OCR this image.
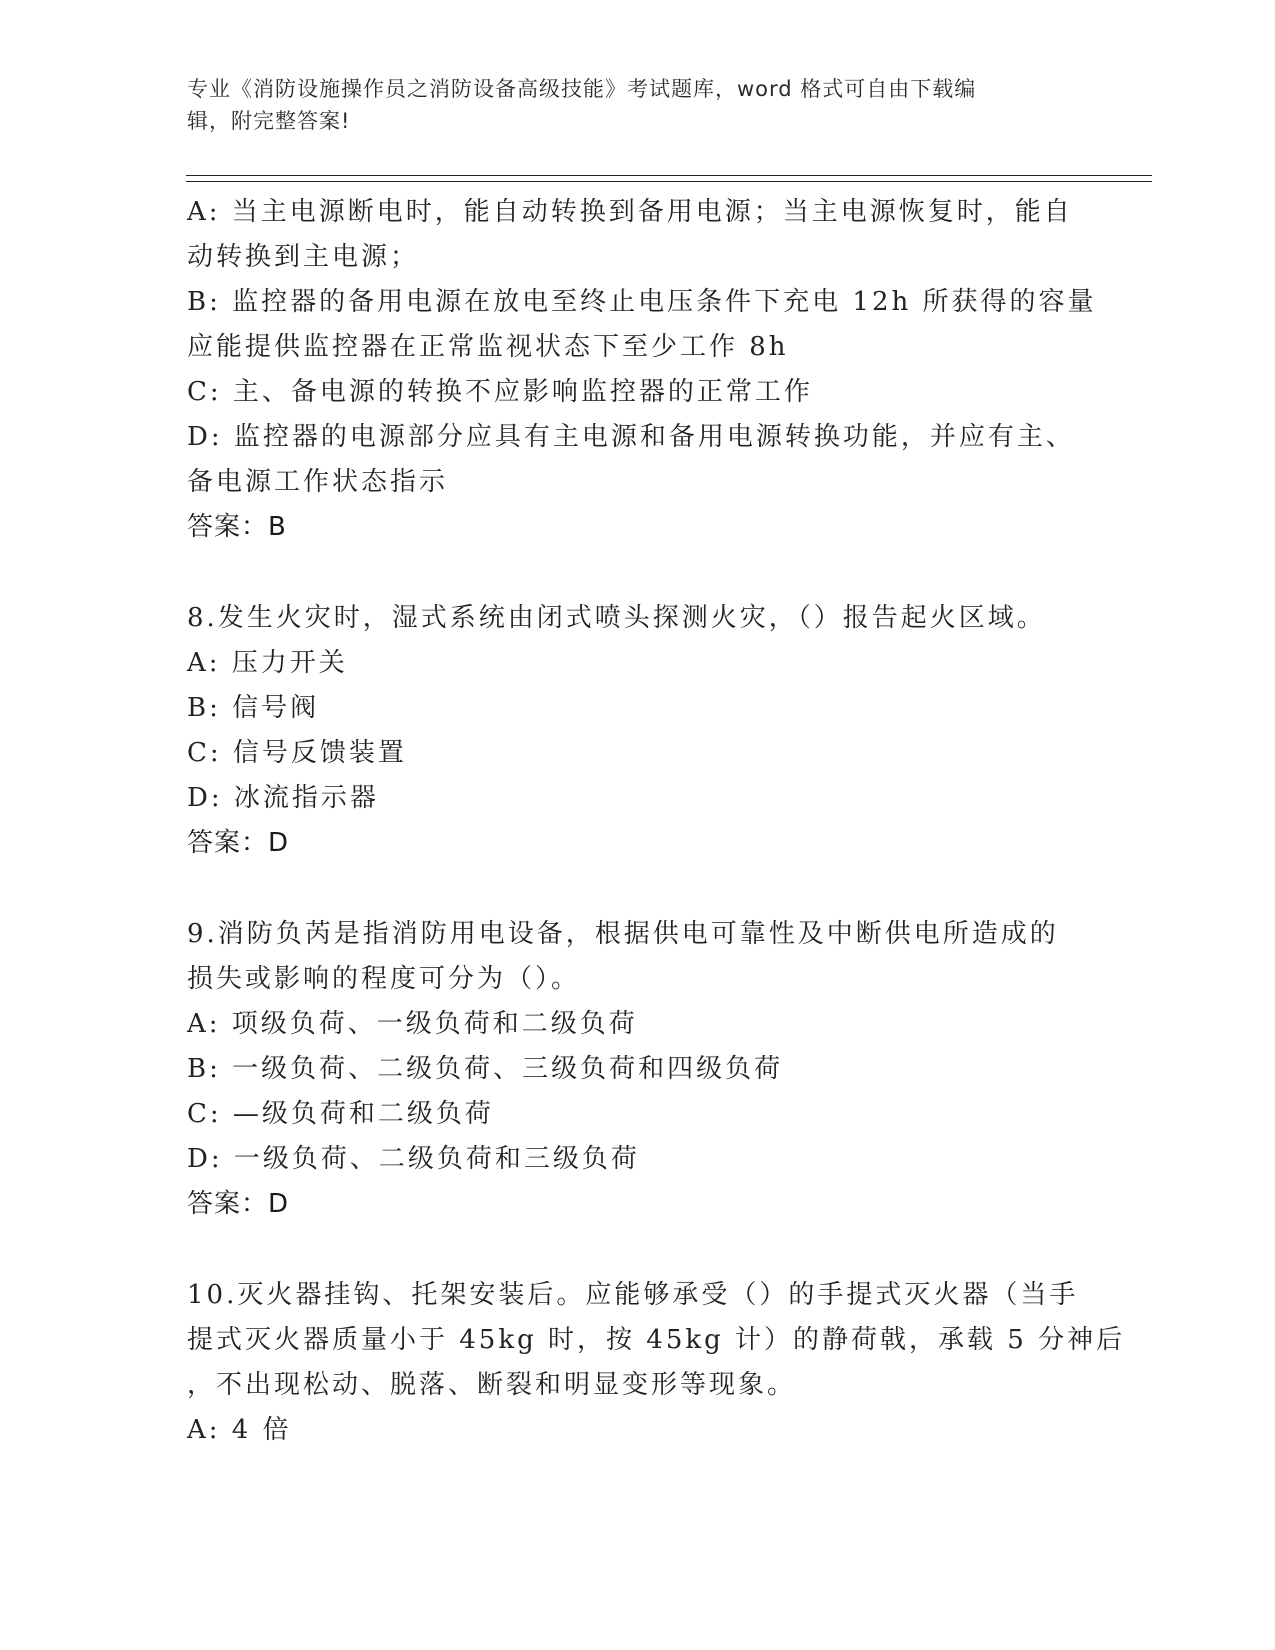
专业《消防设施操作员之消防设备高级技能》考试题库，word 格式可自由下载编
辑，附完整答案!
A: 当主电源断电时，能自动转换到备用电源；当主电源恢复时，能自
动转换到主电源；
B: 监控器的备用电源在放电至终止电压条件下充电 12h 所获得的容量
应能提供监控器在正常监视状态下至少工作 8h
C: 主、备电源的转换不应影响监控器的正常工作
D: 监控器的电源部分应具有主电源和备用电源转换功能，并应有主、
备电源工作状态指示
答案：B
8.发生火灾时，湿式系统由闭式喷头探测火灾，（）报告起火区域。
A: 压力开关
B: 信号阀
C: 信号反馈装置
D: 冰流指示器
答案：D
9.消防负芮是指消防用电设备，根据供电可靠性及中断供电所造成的
损失或影响的程度可分为（）。
A: 项级负荷、一级负荷和二级负荷
B: 一级负荷、二级负荷、三级负荷和四级负荷
C: —级负荷和二级负荷
D: 一级负荷、二级负荷和三级负荷
答案：D
10.灭火器挂钩、托架安装后。应能够承受（）的手提式灭火器（当手
提式灭火器质量小于 45kg 时，按 45kg 计）的静荷戟，承载 5 分神后
，不出现松动、脱落、断裂和明显变形等现象。
A: 4 倍
